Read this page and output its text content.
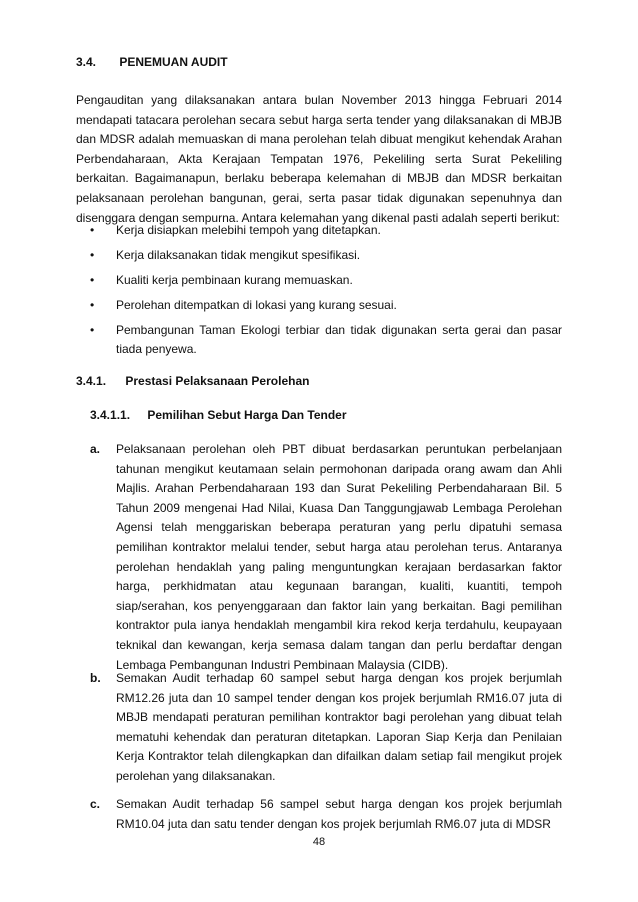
3.4. PENEMUAN AUDIT
Pengauditan yang dilaksanakan antara bulan November 2013 hingga Februari 2014 mendapati tatacara perolehan secara sebut harga serta tender yang dilaksanakan di MBJB dan MDSR adalah memuaskan di mana perolehan telah dibuat mengikut kehendak Arahan Perbendaharaan, Akta Kerajaan Tempatan 1976, Pekeliling serta Surat Pekeliling berkaitan. Bagaimanapun, berlaku beberapa kelemahan di MBJB dan MDSR berkaitan pelaksanaan perolehan bangunan, gerai, serta pasar tidak digunakan sepenuhnya dan disenggara dengan sempurna. Antara kelemahan yang dikenal pasti adalah seperti berikut:
• Kerja disiapkan melebihi tempoh yang ditetapkan.
• Kerja dilaksanakan tidak mengikut spesifikasi.
• Kualiti kerja pembinaan kurang memuaskan.
• Perolehan ditempatkan di lokasi yang kurang sesuai.
• Pembangunan Taman Ekologi terbiar dan tidak digunakan serta gerai dan pasar tiada penyewa.
3.4.1. Prestasi Pelaksanaan Perolehan
3.4.1.1. Pemilihan Sebut Harga Dan Tender
a. Pelaksanaan perolehan oleh PBT dibuat berdasarkan peruntukan perbelanjaan tahunan mengikut keutamaan selain permohonan daripada orang awam dan Ahli Majlis. Arahan Perbendaharaan 193 dan Surat Pekeliling Perbendaharaan Bil. 5 Tahun 2009 mengenai Had Nilai, Kuasa Dan Tanggungjawab Lembaga Perolehan Agensi telah menggariskan beberapa peraturan yang perlu dipatuhi semasa pemilihan kontraktor melalui tender, sebut harga atau perolehan terus. Antaranya perolehan hendaklah yang paling menguntungkan kerajaan berdasarkan faktor harga, perkhidmatan atau kegunaan barangan, kualiti, kuantiti, tempoh siap/serahan, kos penyenggaraan dan faktor lain yang berkaitan. Bagi pemilihan kontraktor pula ianya hendaklah mengambil kira rekod kerja terdahulu, keupayaan teknikal dan kewangan, kerja semasa dalam tangan dan perlu berdaftar dengan Lembaga Pembangunan Industri Pembinaan Malaysia (CIDB).
b. Semakan Audit terhadap 60 sampel sebut harga dengan kos projek berjumlah RM12.26 juta dan 10 sampel tender dengan kos projek berjumlah RM16.07 juta di MBJB mendapati peraturan pemilihan kontraktor bagi perolehan yang dibuat telah mematuhi kehendak dan peraturan ditetapkan. Laporan Siap Kerja dan Penilaian Kerja Kontraktor telah dilengkapkan dan difailkan dalam setiap fail mengikut projek perolehan yang dilaksanakan.
c. Semakan Audit terhadap 56 sampel sebut harga dengan kos projek berjumlah RM10.04 juta dan satu tender dengan kos projek berjumlah RM6.07 juta di MDSR
48
